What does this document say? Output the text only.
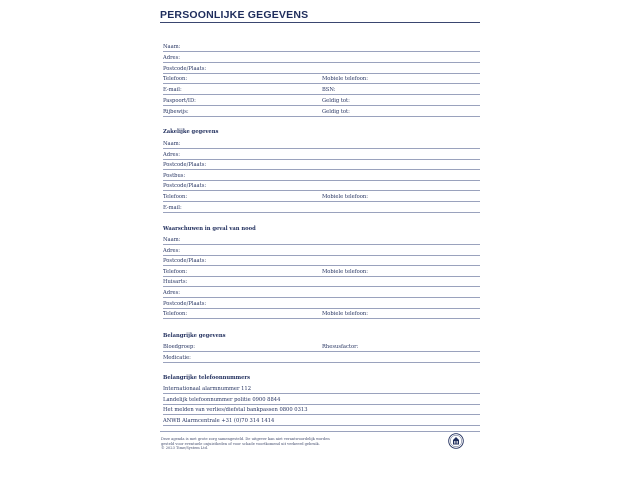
PERSOONLIJKE GEGEVENS
Naam:
Adres:
Postcode/Plaats:
Telefoon:	Mobiele telefoon:
E-mail:	BSN:
Paspoort/ID:	Geldig tot:
Rijbewijs:	Geldig tot:
Zakelijke gegevens
Naam:
Adres:
Postcode/Plaats:
Postbus:
Postcode/Plaats:
Telefoon:	Mobiele telefoon:
E-mail:
Waarschuwen in geval van nood
Naam:
Adres:
Postcode/Plaats:
Telefoon:	Mobiele telefoon:
Huisarts:
Adres:
Postcode/Plaats:
Telefoon:	Mobiele telefoon:
Belangrijke gegevens
Bloedgroep:	Rhesusfactor:
Medicatie:
Belangrijke telefoonnummers
Internationaal alarmnummer 112
Landelijk telefoonnummer politie 0900 8844
Het melden van verlies/diefstal bankpassen 0800 0313
ANWB Alarmcentrale +31 (0)70 314 1414
Deze agenda is met grote zorg samengesteld. De uitgever kan niet verantwoordelijk worden
gesteld voor eventuele onjuistheden of voor schade voortkomend uit verkeerd gebruik.
© 2023 Time/System Ltd.
